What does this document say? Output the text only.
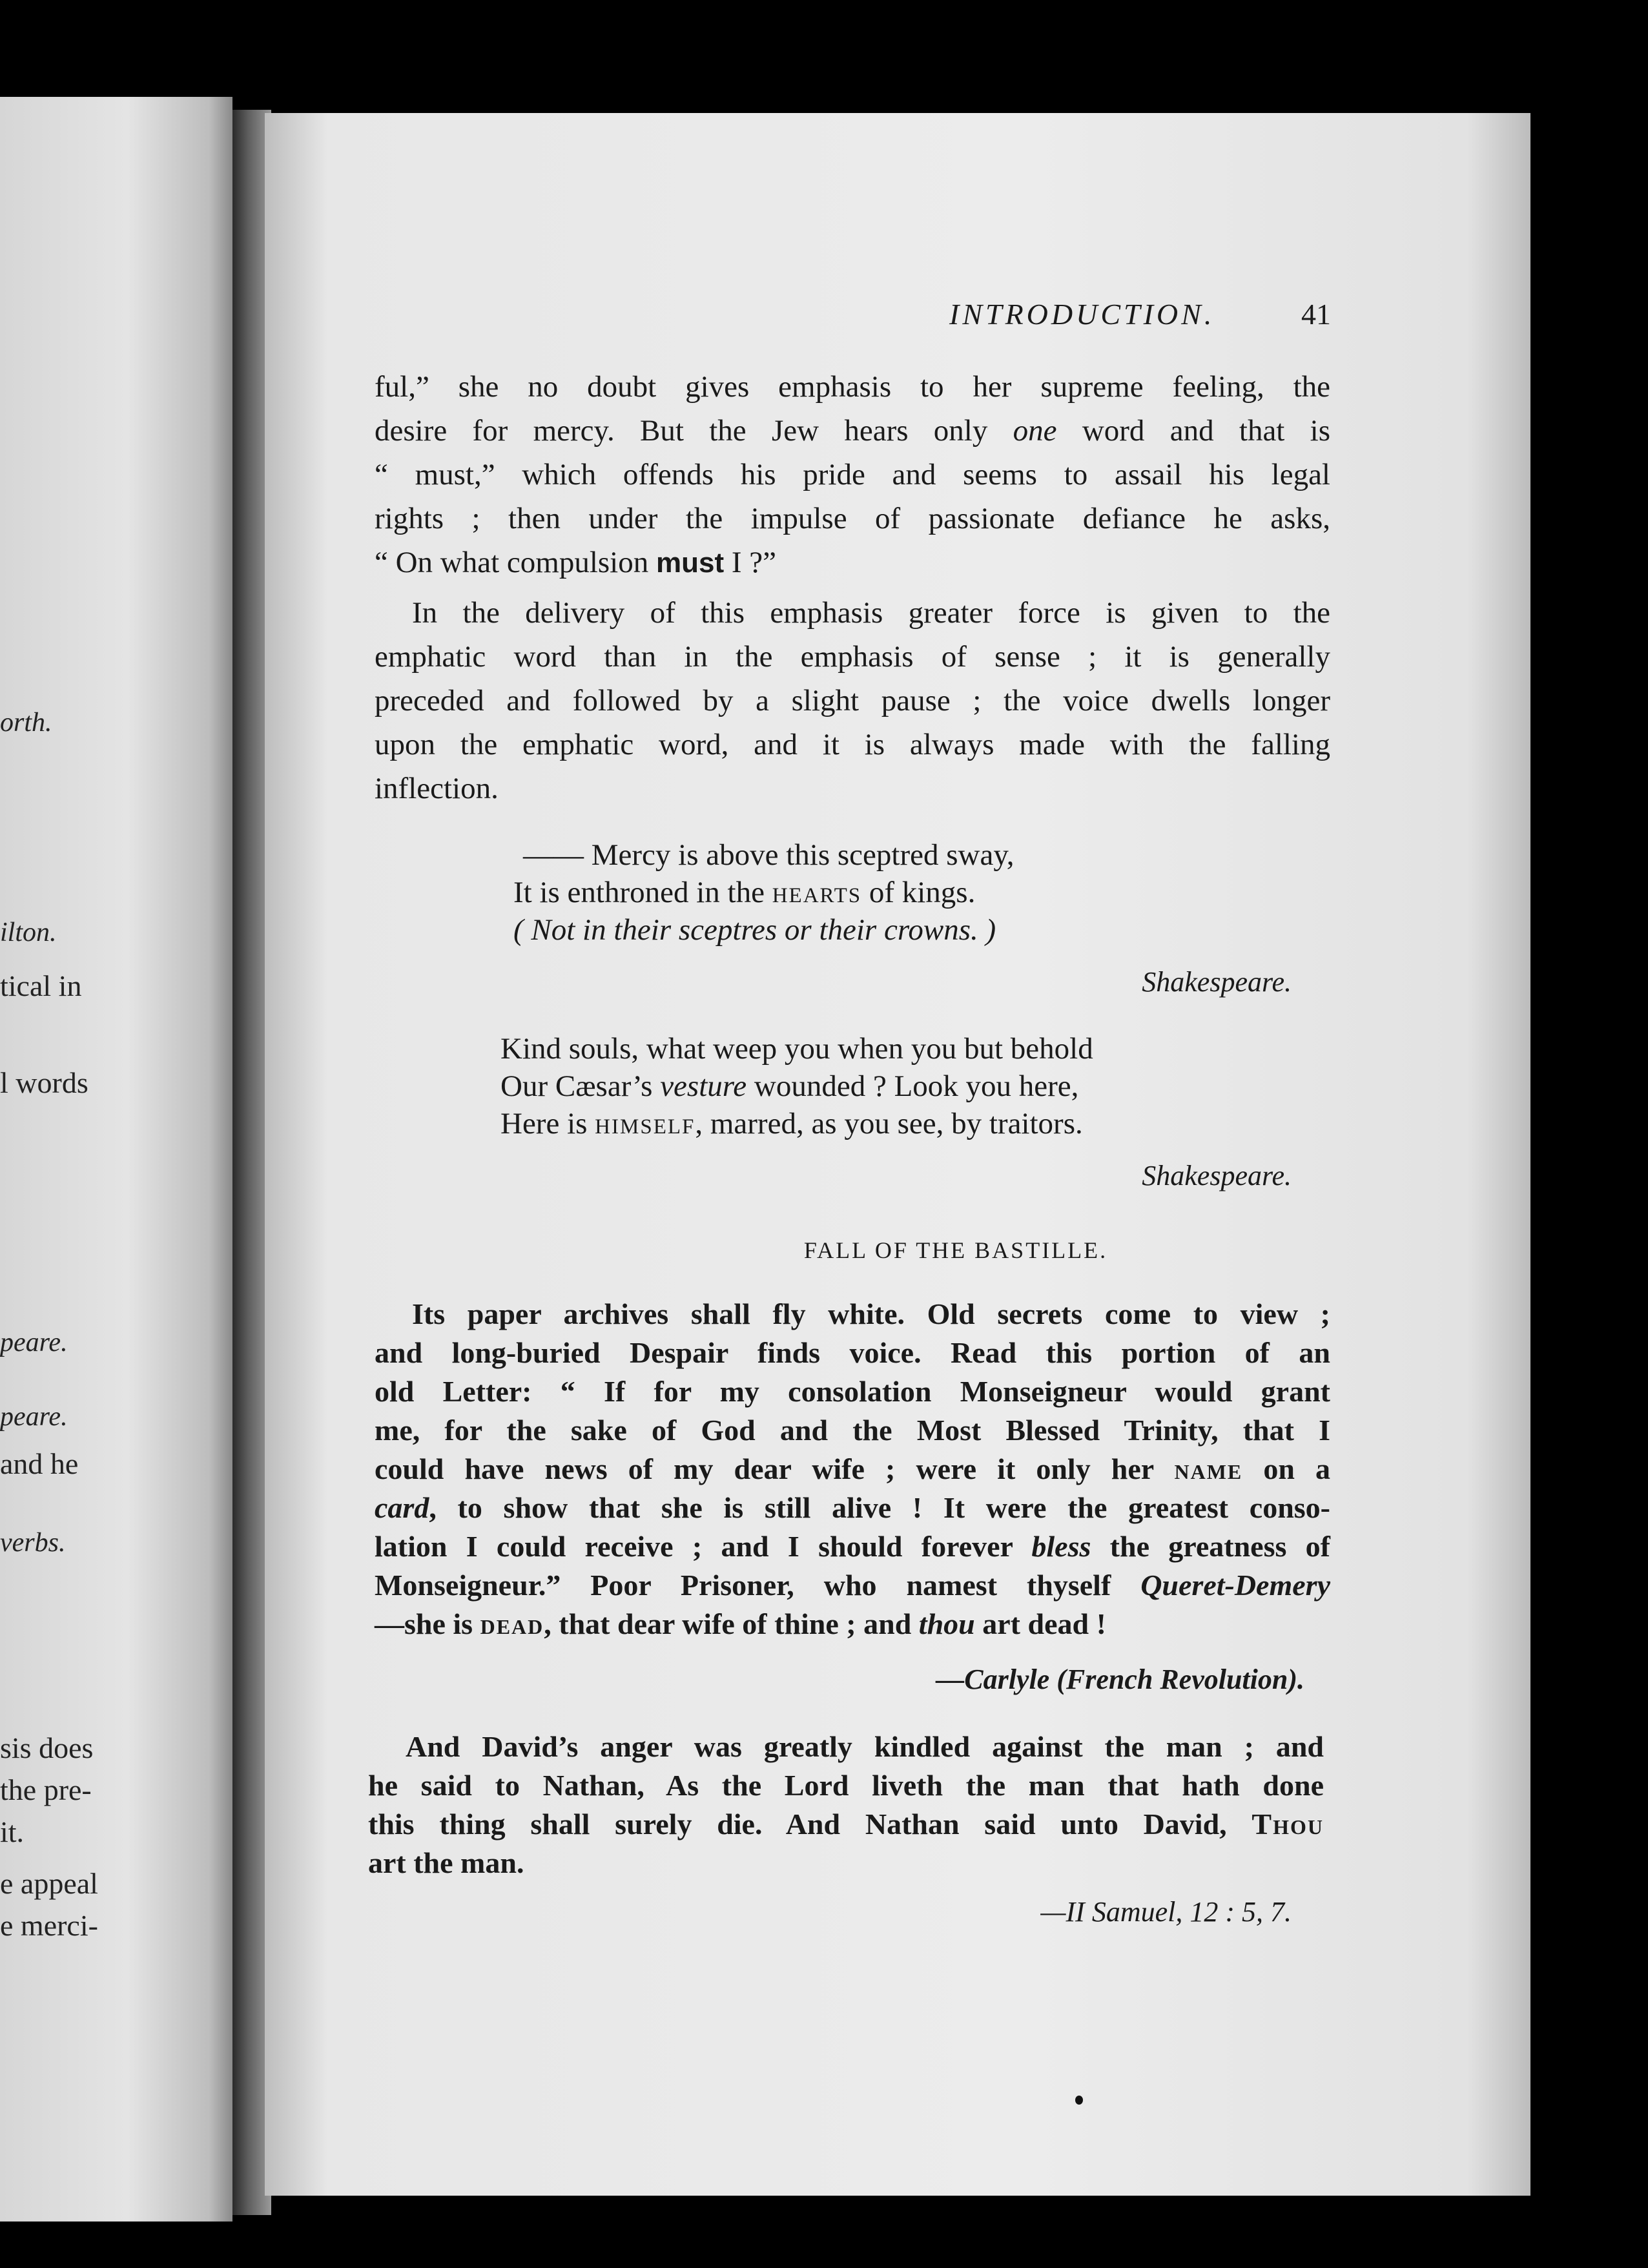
orth.
ilton.
tical in
l words
peare.
peare.
and he
verbs.
sis does
the pre-
it.
e appeal
e merci-
INTRODUCTION.	41
ful,” she no doubt gives emphasis to her supreme feeling, the
desire for mercy. But the Jew hears only one word and that is
“ must,” which offends his pride and seems to assail his legal
rights ; then under the impulse of passionate defiance he asks,
“ On what compulsion must I ?”
In the delivery of this emphasis greater force is given to the
emphatic word than in the emphasis of sense ; it is generally
preceded and followed by a slight pause ; the voice dwells longer
upon the emphatic word, and it is always made with the falling
inflection.
—— Mercy is above this sceptred sway,
It is enthroned in the hearts of kings.
( Not in their sceptres or their crowns. )
Shakespeare.
Kind souls, what weep you when you but behold
Our Cæsar’s vesture wounded ? Look you here,
Here is himself, marred, as you see, by traitors.
Shakespeare.
FALL OF THE BASTILLE.
Its paper archives shall fly white. Old secrets come to view ;
and long-buried Despair finds voice. Read this portion of an
old Letter: “ If for my consolation Monseigneur would grant
me, for the sake of God and the Most Blessed Trinity, that I
could have news of my dear wife ; were it only her name on a
card, to show that she is still alive ! It were the greatest conso-
lation I could receive ; and I should forever bless the greatness of
Monseigneur.” Poor Prisoner, who namest thyself Queret-Demery
—she is dead, that dear wife of thine ; and thou art dead !
—Carlyle (French Revolution).
And David’s anger was greatly kindled against the man ; and
he said to Nathan, As the Lord liveth the man that hath done
this thing shall surely die. And Nathan said unto David, Thou
art the man.
—II Samuel, 12 : 5, 7.
